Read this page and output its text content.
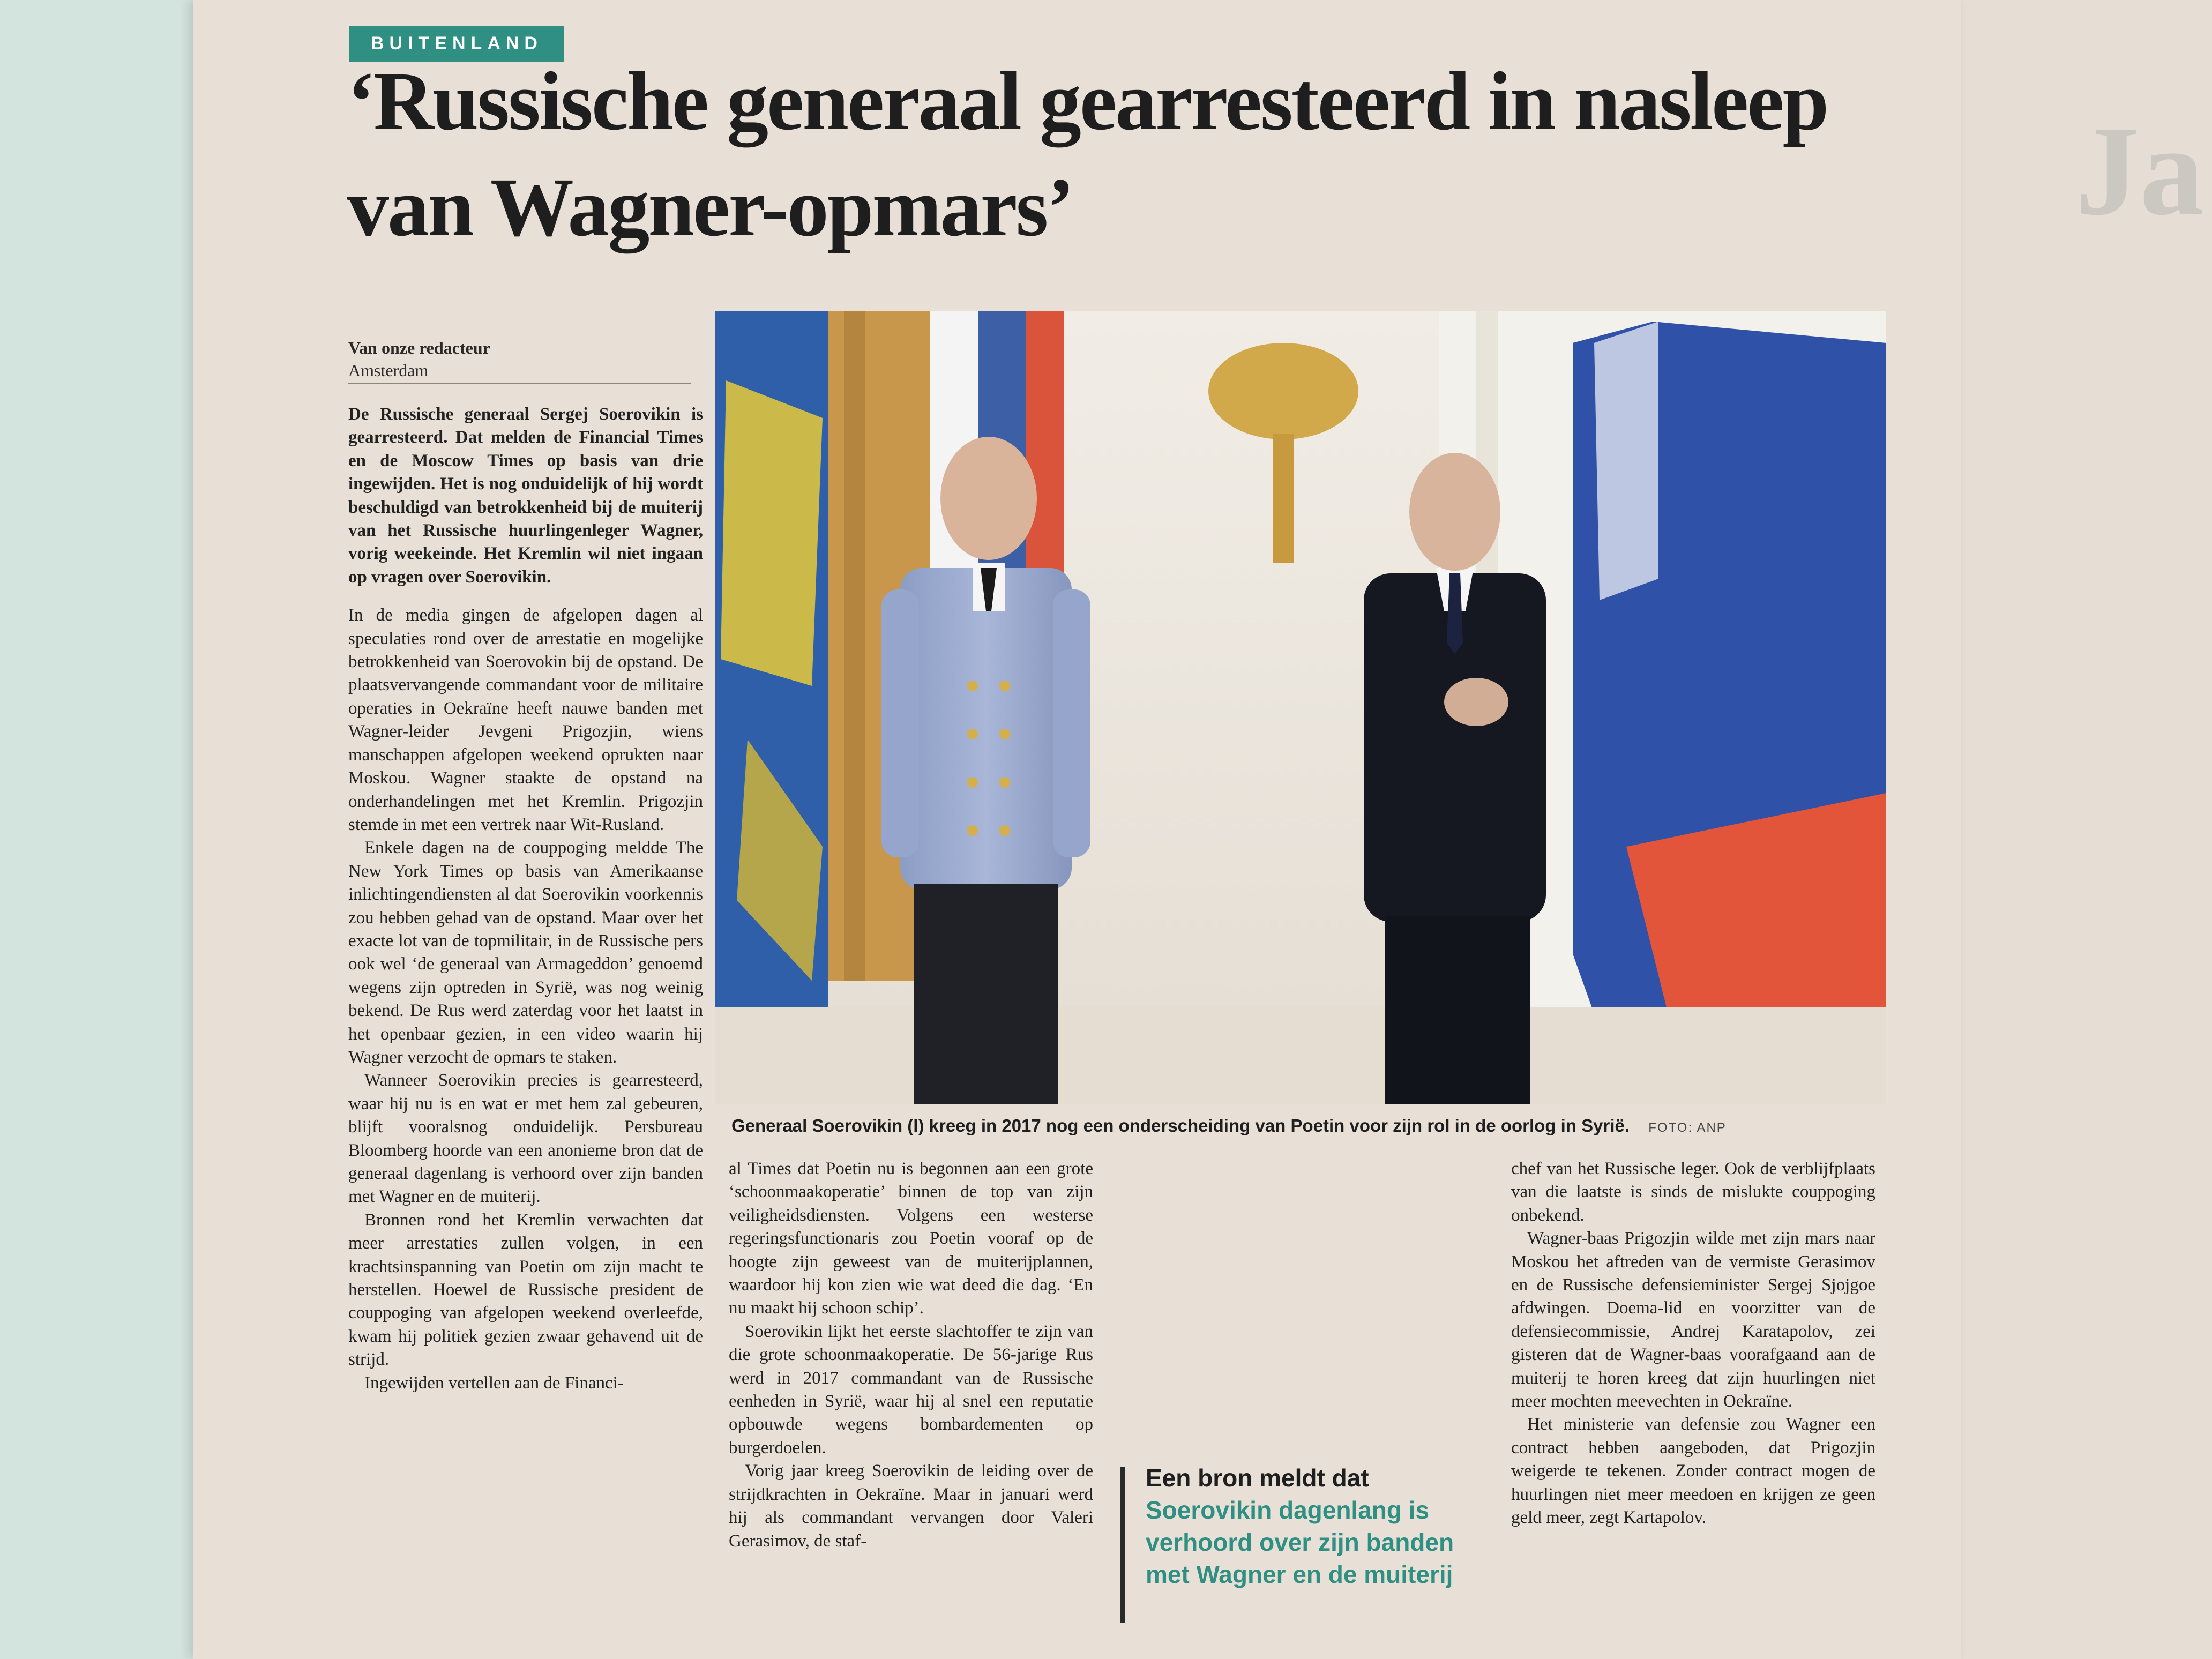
Ja
BUITENLAND
‘Russische generaal gearresteerd in nasleep van Wagner-opmars’
Van onze redacteur
Amsterdam

De Russische generaal Sergej Soerovikin is gearresteerd. Dat melden de Financial Times en de Moscow Times op basis van drie ingewijden. Het is nog onduidelijk of hij wordt beschuldigd van betrokkenheid bij de muiterij van het Russische huurlingenleger Wagner, vorig weekeinde. Het Kremlin wil niet ingaan op vragen over Soerovikin.

In de media gingen de afgelopen dagen al speculaties rond over de arrestatie en mogelijke betrokkenheid van Soerovokin bij de opstand. De plaatsvervangende commandant voor de militaire operaties in Oekraïne heeft nauwe banden met Wagner-leider Jevgeni Prigozjin, wiens manschappen afgelopen weekend oprukten naar Moskou. Wagner staakte de opstand na onderhandelingen met het Kremlin. Prigozjin stemde in met een vertrek naar Wit-Rusland.

Enkele dagen na de couppoging meldde The New York Times op basis van Amerikaanse inlichtingendiensten al dat Soerovikin voorkennis zou hebben gehad van de opstand. Maar over het exacte lot van de topmilitair, in de Russische pers ook wel ‘de generaal van Armageddon’ genoemd wegens zijn optreden in Syrië, was nog weinig bekend. De Rus werd zaterdag voor het laatst in het openbaar gezien, in een video waarin hij Wagner verzocht de opmars te staken.

Wanneer Soerovikin precies is gearresteerd, waar hij nu is en wat er met hem zal gebeuren, blijft vooralsnog onduidelijk. Persbureau Bloomberg hoorde van een anonieme bron dat de generaal dagenlang is verhoord over zijn banden met Wagner en de muiterij.

Bronnen rond het Kremlin verwachten dat meer arrestaties zullen volgen, in een krachtsinspanning van Poetin om zijn macht te herstellen. Hoewel de Russische president de couppoging van afgelopen weekend overleefde, kwam hij politiek gezien zwaar gehavend uit de strijd.

Ingewijden vertellen aan de Financi-

Generaal Soerovikin (l) kreeg in 2017 nog een onderscheiding van Poetin voor zijn rol in de oorlog in Syrië. FOTO: ANP

al Times dat Poetin nu is begonnen aan een grote ‘schoonmaakoperatie’ binnen de top van zijn veiligheidsdiensten. Volgens een westerse regeringsfunctionaris zou Poetin vooraf op de hoogte zijn geweest van de muiterijplannen, waardoor hij kon zien wie wat deed die dag. ‘En nu maakt hij schoon schip’.

Soerovikin lijkt het eerste slachtoffer te zijn van die grote schoonmaakoperatie. De 56-jarige Rus werd in 2017 commandant van de Russische eenheden in Syrië, waar hij al snel een reputatie opbouwde wegens bombardementen op burgerdoelen.

Vorig jaar kreeg Soerovikin de leiding over de strijdkrachten in Oekraïne. Maar in januari werd hij als commandant vervangen door Valeri Gerasimov, de staf-

Een bron meldt dat
Soerovikin dagenlang is verhoord over zijn banden met Wagner en de muiterij

chef van het Russische leger. Ook de verblijfplaats van die laatste is sinds de mislukte couppoging onbekend.

Wagner-baas Prigozjin wilde met zijn mars naar Moskou het aftreden van de vermiste Gerasimov en de Russische defensieminister Sergej Sjojgoe afdwingen. Doema-lid en voorzitter van de defensiecommissie, Andrej Karatapolov, zei gisteren dat de Wagner-baas voorafgaand aan de muiterij te horen kreeg dat zijn huurlingen niet meer mochten meevechten in Oekraïne.

Het ministerie van defensie zou Wagner een contract hebben aangeboden, dat Prigozjin weigerde te tekenen. Zonder contract mogen de huurlingen niet meer meedoen en krijgen ze geen geld meer, zegt Kartapolov.
